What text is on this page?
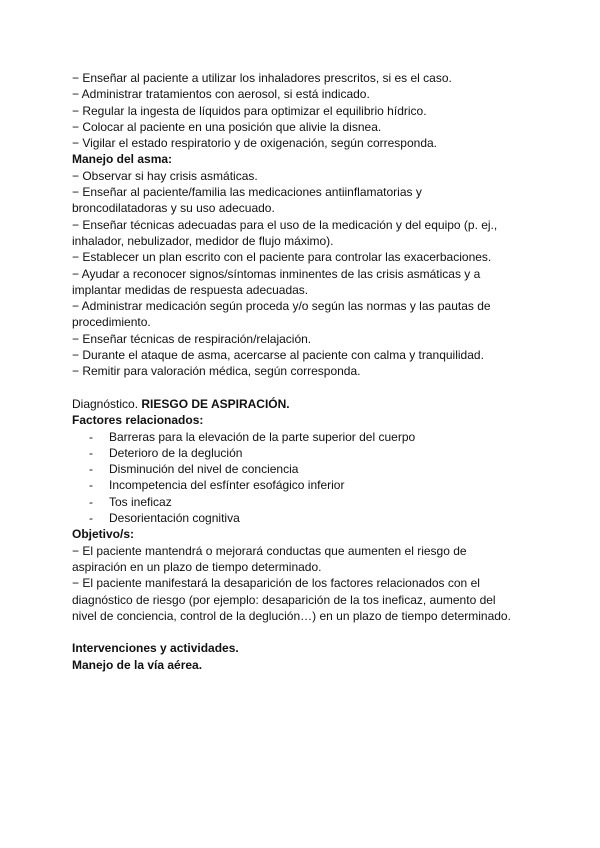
− Enseñar al paciente a utilizar los inhaladores prescritos, si es el caso.
− Administrar tratamientos con aerosol, si está indicado.
− Regular la ingesta de líquidos para optimizar el equilibrio hídrico.
− Colocar al paciente en una posición que alivie la disnea.
− Vigilar el estado respiratorio y de oxigenación, según corresponda.
Manejo del asma:
− Observar si hay crisis asmáticas.
− Enseñar al paciente/familia las medicaciones antiinflamatorias y broncodilatadoras y su uso adecuado.
− Enseñar técnicas adecuadas para el uso de la medicación y del equipo (p. ej., inhalador, nebulizador, medidor de flujo máximo).
− Establecer un plan escrito con el paciente para controlar las exacerbaciones.
− Ayudar a reconocer signos/síntomas inminentes de las crisis asmáticas y a implantar medidas de respuesta adecuadas.
− Administrar medicación según proceda y/o según las normas y las pautas de procedimiento.
− Enseñar técnicas de respiración/relajación.
− Durante el ataque de asma, acercarse al paciente con calma y tranquilidad.
− Remitir para valoración médica, según corresponda.
Diagnóstico. RIESGO DE ASPIRACIÓN.
Factores relacionados:
- Barreras para la elevación de la parte superior del cuerpo
- Deterioro de la deglución
- Disminución del nivel de conciencia
- Incompetencia del esfínter esofágico inferior
- Tos ineficaz
- Desorientación cognitiva
Objetivo/s:
− El paciente mantendrá o mejorará conductas que aumenten el riesgo de aspiración en un plazo de tiempo determinado.
− El paciente manifestará la desaparición de los factores relacionados con el diagnóstico de riesgo (por ejemplo: desaparición de la tos ineficaz, aumento del nivel de conciencia, control de la deglución…) en un plazo de tiempo determinado.
Intervenciones y actividades.
Manejo de la vía aérea.
